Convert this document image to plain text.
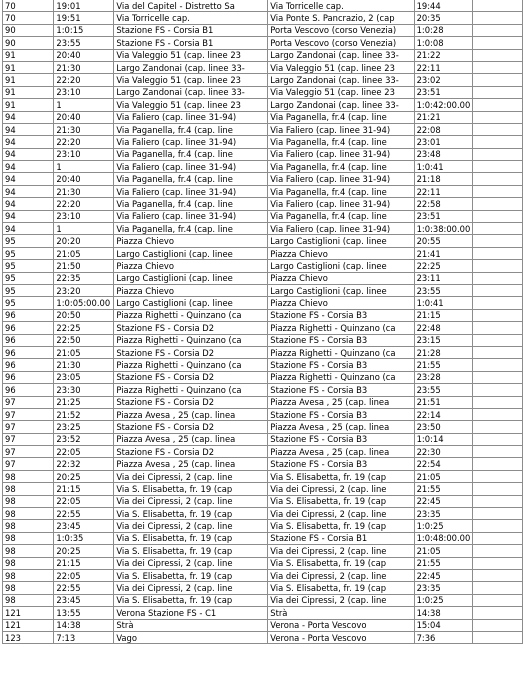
70	19:01	Via del Capitel - Distretto Sa	Via Torricelle cap.	19:44	
70	19:51	Via Torricelle cap.	Via Ponte S. Pancrazio, 2 (cap	20:35	
90	1:0:15	Stazione FS - Corsia B1	Porta Vescovo (corso Venezia)	1:0:28	
90	23:55	Stazione FS - Corsia B1	Porta Vescovo (corso Venezia)	1:0:08	
91	20:40	Via Valeggio 51 (cap. linee 23	Largo Zandonai (cap. linee 33-	21:22	
91	21:30	Largo Zandonai (cap. linee 33-	Via Valeggio 51 (cap. linee 23	22:11	
91	22:20	Via Valeggio 51 (cap. linee 23	Largo Zandonai (cap. linee 33-	23:02	
91	23:10	Largo Zandonai (cap. linee 33-	Via Valeggio 51 (cap. linee 23	23:51	
91	1	Via Valeggio 51 (cap. linee 23	Largo Zandonai (cap. linee 33-	1:0:42:00.00	
94	20:40	Via Faliero (cap. linee 31-94)	Via Paganella, fr.4 (cap. line	21:21	
94	21:30	Via Paganella, fr.4 (cap. line	Via Faliero (cap. linee 31-94)	22:08	
94	22:20	Via Faliero (cap. linee 31-94)	Via Paganella, fr.4 (cap. line	23:01	
94	23:10	Via Paganella, fr.4 (cap. line	Via Faliero (cap. linee 31-94)	23:48	
94	1	Via Faliero (cap. linee 31-94)	Via Paganella, fr.4 (cap. line	1:0:41	
94	20:40	Via Paganella, fr.4 (cap. line	Via Faliero (cap. linee 31-94)	21:18	
94	21:30	Via Faliero (cap. linee 31-94)	Via Paganella, fr.4 (cap. line	22:11	
94	22:20	Via Paganella, fr.4 (cap. line	Via Faliero (cap. linee 31-94)	22:58	
94	23:10	Via Faliero (cap. linee 31-94)	Via Paganella, fr.4 (cap. line	23:51	
94	1	Via Paganella, fr.4 (cap. line	Via Faliero (cap. linee 31-94)	1:0:38:00.00	
95	20:20	Piazza Chievo	Largo Castiglioni (cap. linee	20:55	
95	21:05	Largo Castiglioni (cap. linee	Piazza Chievo	21:41	
95	21:50	Piazza Chievo	Largo Castiglioni (cap. linee	22:25	
95	22:35	Largo Castiglioni (cap. linee	Piazza Chievo	23:11	
95	23:20	Piazza Chievo	Largo Castiglioni (cap. linee	23:55	
95	1:0:05:00.00	Largo Castiglioni (cap. linee	Piazza Chievo	1:0:41	
96	20:50	Piazza Righetti - Quinzano (ca	Stazione FS - Corsia B3	21:15	
96	22:25	Stazione FS - Corsia D2	Piazza Righetti - Quinzano (ca	22:48	
96	22:50	Piazza Righetti - Quinzano (ca	Stazione FS - Corsia B3	23:15	
96	21:05	Stazione FS - Corsia D2	Piazza Righetti - Quinzano (ca	21:28	
96	21:30	Piazza Righetti - Quinzano (ca	Stazione FS - Corsia B3	21:55	
96	23:05	Stazione FS - Corsia D2	Piazza Righetti - Quinzano (ca	23:28	
96	23:30	Piazza Righetti - Quinzano (ca	Stazione FS - Corsia B3	23:55	
97	21:25	Stazione FS - Corsia D2	Piazza Avesa , 25 (cap. linea	21:51	
97	21:52	Piazza Avesa , 25 (cap. linea	Stazione FS - Corsia B3	22:14	
97	23:25	Stazione FS - Corsia D2	Piazza Avesa , 25 (cap. linea	23:50	
97	23:52	Piazza Avesa , 25 (cap. linea	Stazione FS - Corsia B3	1:0:14	
97	22:05	Stazione FS - Corsia D2	Piazza Avesa , 25 (cap. linea	22:30	
97	22:32	Piazza Avesa , 25 (cap. linea	Stazione FS - Corsia B3	22:54	
98	20:25	Via dei Cipressi, 2 (cap. line	Via S. Elisabetta, fr. 19 (cap	21:05	
98	21:15	Via S. Elisabetta, fr. 19 (cap	Via dei Cipressi, 2 (cap. line	21:55	
98	22:05	Via dei Cipressi, 2 (cap. line	Via S. Elisabetta, fr. 19 (cap	22:45	
98	22:55	Via S. Elisabetta, fr. 19 (cap	Via dei Cipressi, 2 (cap. line	23:35	
98	23:45	Via dei Cipressi, 2 (cap. line	Via S. Elisabetta, fr. 19 (cap	1:0:25	
98	1:0:35	Via S. Elisabetta, fr. 19 (cap	Stazione FS - Corsia B1	1:0:48:00.00	
98	20:25	Via S. Elisabetta, fr. 19 (cap	Via dei Cipressi, 2 (cap. line	21:05	
98	21:15	Via dei Cipressi, 2 (cap. line	Via S. Elisabetta, fr. 19 (cap	21:55	
98	22:05	Via S. Elisabetta, fr. 19 (cap	Via dei Cipressi, 2 (cap. line	22:45	
98	22:55	Via dei Cipressi, 2 (cap. line	Via S. Elisabetta, fr. 19 (cap	23:35	
98	23:45	Via S. Elisabetta, fr. 19 (cap	Via dei Cipressi, 2 (cap. line	1:0:25	
121	13:55	Verona Stazione FS - C1	Strà	14:38	
121	14:38	Strà	Verona - Porta Vescovo	15:04	
123	7:13	Vago	Verona - Porta Vescovo	7:36	
